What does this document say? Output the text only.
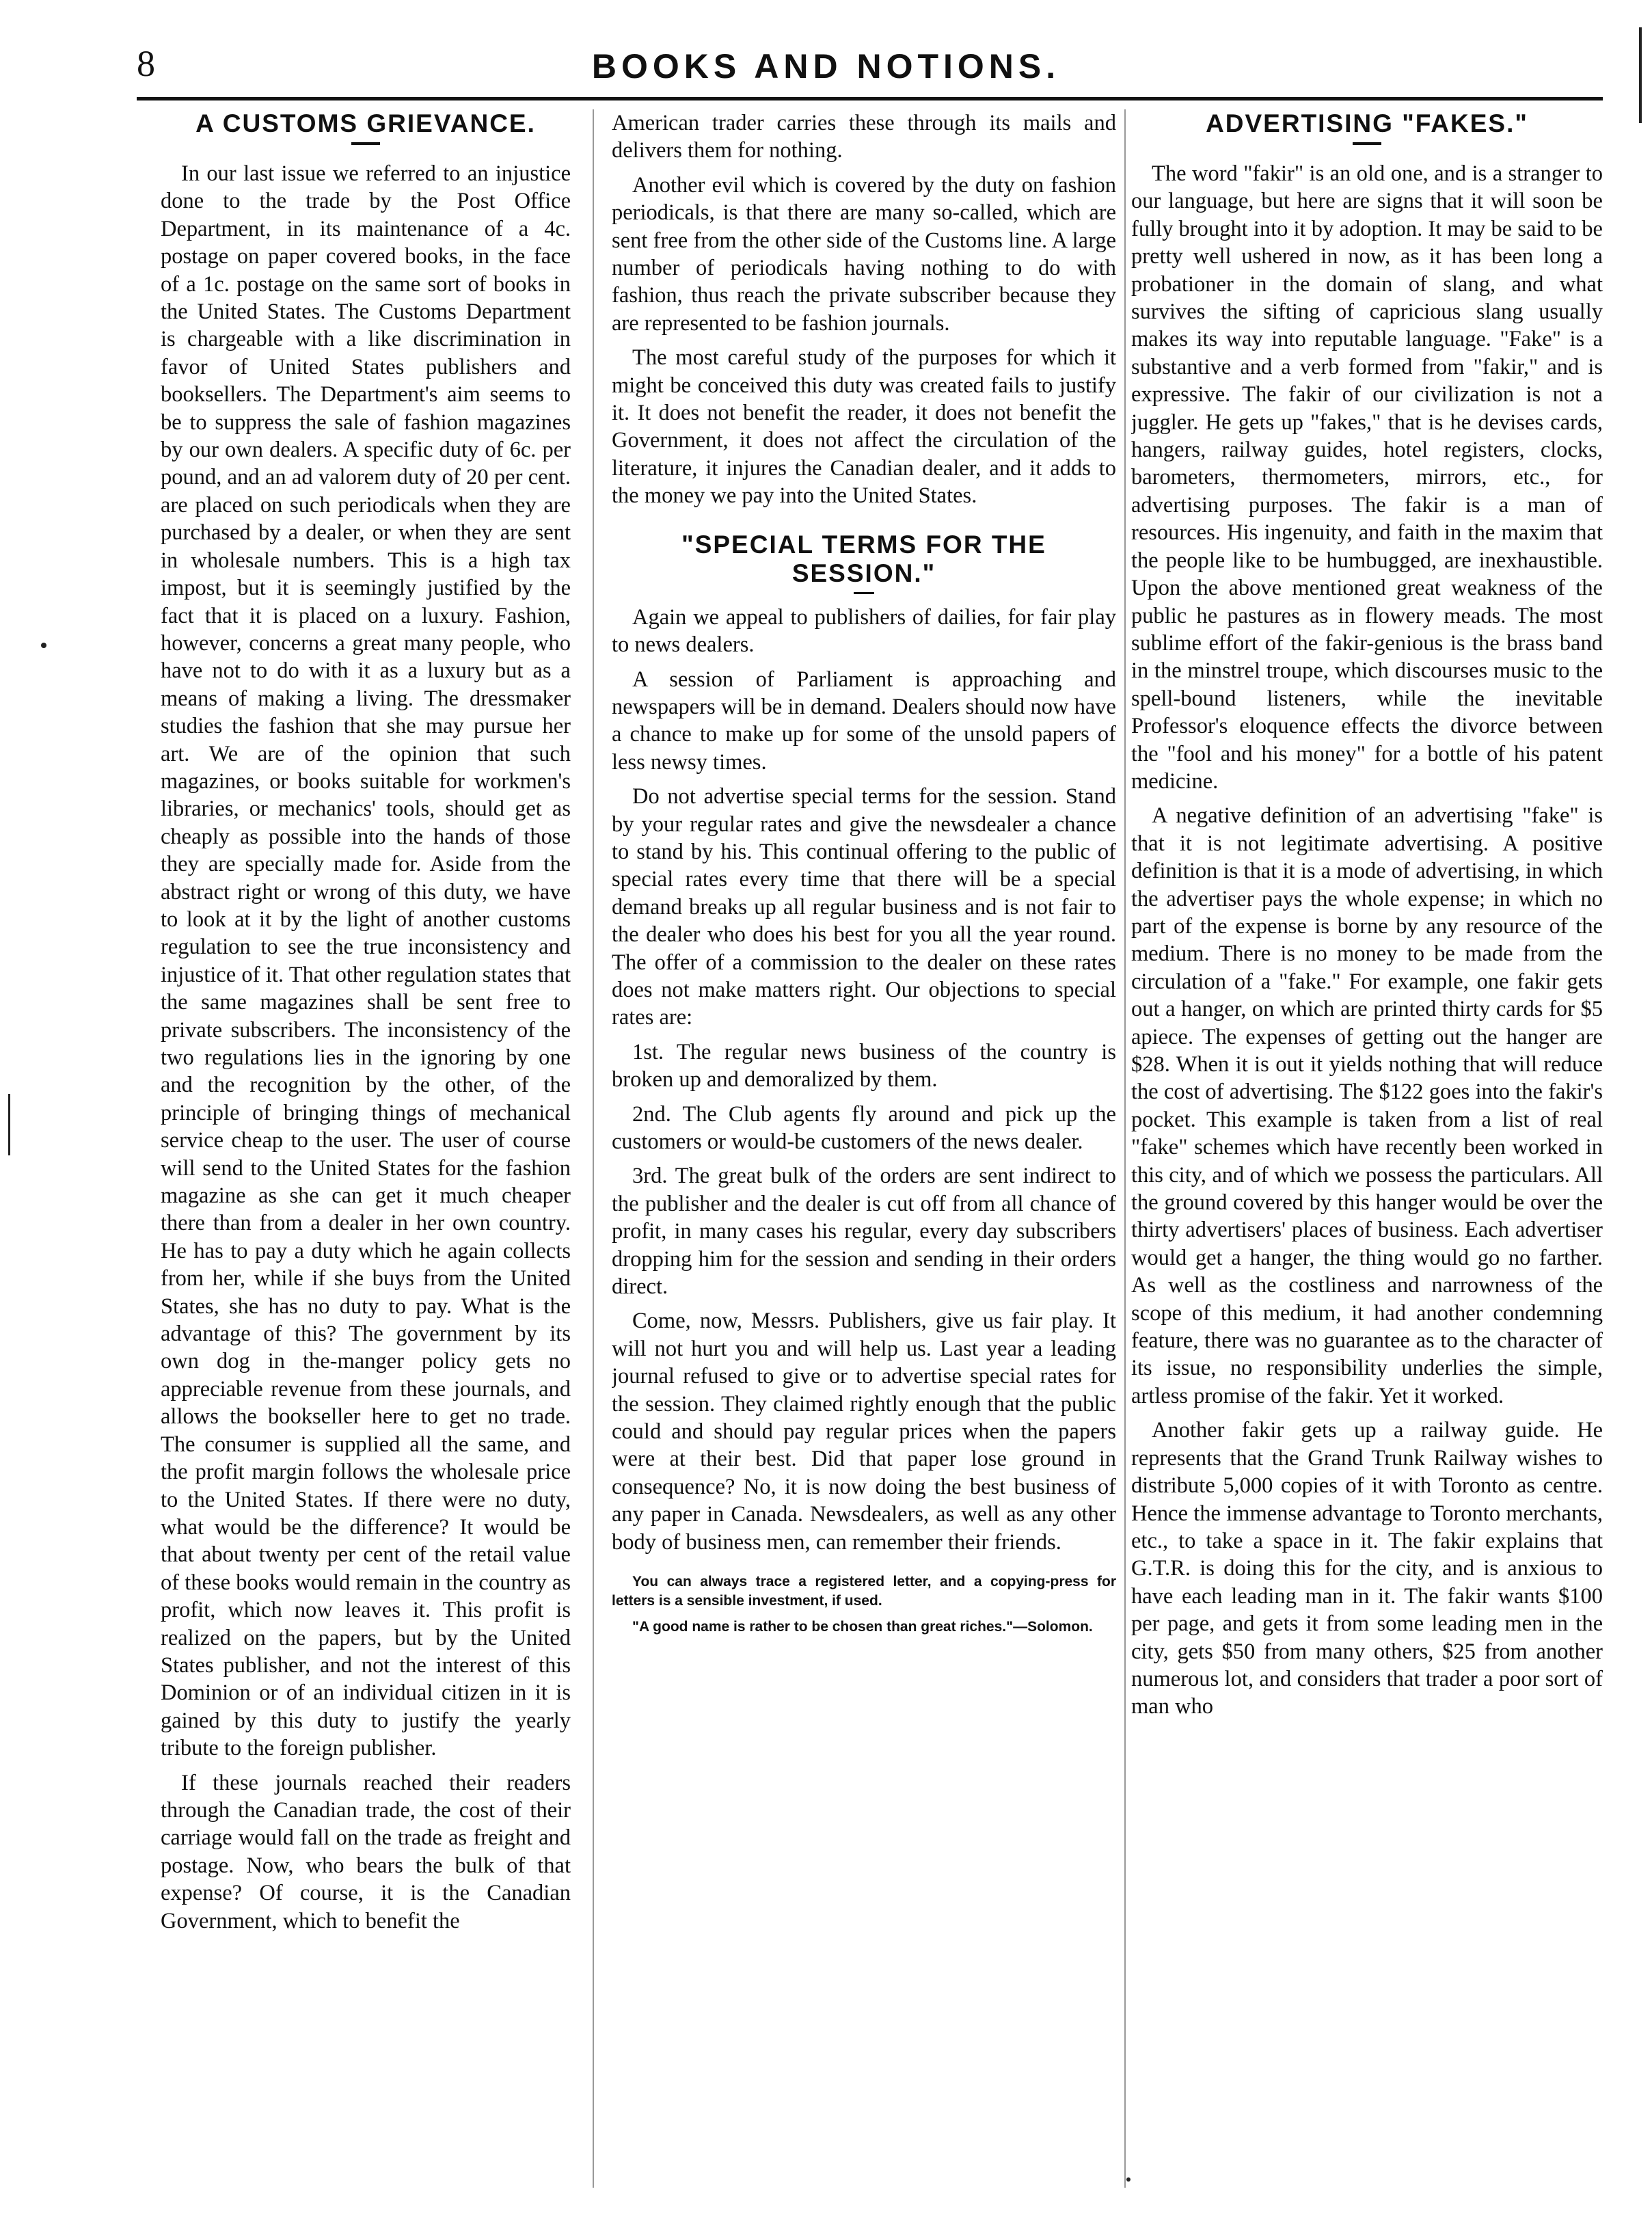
8	BOOKS AND NOTIONS.
A CUSTOMS GRIEVANCE.

In our last issue we referred to an injustice done to the trade by the Post Office Department, in its maintenance of a 4c. postage on paper covered books, in the face of a 1c. postage on the same sort of books in the United States. The Customs Department is chargeable with a like discrimination in favor of United States publishers and booksellers. The Department's aim seems to be to suppress the sale of fashion magazines by our own dealers. A specific duty of 6c. per pound, and an ad valorem duty of 20 per cent. are placed on such periodicals when they are purchased by a dealer, or when they are sent in wholesale numbers. This is a high tax impost, but it is seemingly justified by the fact that it is placed on a luxury. Fashion, however, concerns a great many people, who have not to do with it as a luxury but as a means of making a living. The dressmaker studies the fashion that she may pursue her art. We are of the opinion that such magazines, or books suitable for workmen's libraries, or mechanics' tools, should get as cheaply as possible into the hands of those they are specially made for. Aside from the abstract right or wrong of this duty, we have to look at it by the light of another customs regulation to see the true inconsistency and injustice of it. That other regulation states that the same magazines shall be sent free to private subscribers. The inconsistency of the two regulations lies in the ignoring by one and the recognition by the other, of the principle of bringing things of mechanical service cheap to the user. The user of course will send to the United States for the fashion magazine as she can get it much cheaper there than from a dealer in her own country. He has to pay a duty which he again collects from her, while if she buys from the United States, she has no duty to pay. What is the advantage of this? The government by its own dog in the-manger policy gets no appreciable revenue from these journals, and allows the bookseller here to get no trade. The consumer is supplied all the same, and the profit margin follows the wholesale price to the United States. If there were no duty, what would be the difference? It would be that about twenty per cent of the retail value of these books would remain in the country as profit, which now leaves it. This profit is realized on the papers, but by the United States publisher, and not the interest of this Dominion or of an individual citizen in it is gained by this duty to justify the yearly tribute to the foreign publisher.

If these journals reached their readers through the Canadian trade, the cost of their carriage would fall on the trade as freight and postage. Now, who bears the bulk of that expense? Of course, it is the Canadian Government, which to benefit the

American trader carries these through its mails and delivers them for nothing.

Another evil which is covered by the duty on fashion periodicals, is that there are many so-called, which are sent free from the other side of the Customs line. A large number of periodicals having nothing to do with fashion, thus reach the private subscriber because they are represented to be fashion journals.

The most careful study of the purposes for which it might be conceived this duty was created fails to justify it. It does not benefit the reader, it does not benefit the Government, it does not affect the circulation of the literature, it injures the Canadian dealer, and it adds to the money we pay into the United States.

"SPECIAL TERMS FOR THE SESSION."

Again we appeal to publishers of dailies, for fair play to news dealers.

A session of Parliament is approaching and newspapers will be in demand. Dealers should now have a chance to make up for some of the unsold papers of less newsy times.

Do not advertise special terms for the session. Stand by your regular rates and give the newsdealer a chance to stand by his. This continual offering to the public of special rates every time that there will be a special demand breaks up all regular business and is not fair to the dealer who does his best for you all the year round. The offer of a commission to the dealer on these rates does not make matters right. Our objections to special rates are:

1st. The regular news business of the country is broken up and demoralized by them.

2nd. The Club agents fly around and pick up the customers or would-be customers of the news dealer.

3rd. The great bulk of the orders are sent indirect to the publisher and the dealer is cut off from all chance of profit, in many cases his regular, every day subscribers dropping him for the session and sending in their orders direct.

Come, now, Messrs. Publishers, give us fair play. It will not hurt you and will help us. Last year a leading journal refused to give or to advertise special rates for the session. They claimed rightly enough that the public could and should pay regular prices when the papers were at their best. Did that paper lose ground in consequence? No, it is now doing the best business of any paper in Canada. Newsdealers, as well as any other body of business men, can remember their friends.

You can always trace a registered letter, and a copying-press for letters is a sensible investment, if used.
"A good name is rather to be chosen than great riches."—Solomon.
ADVERTISING "FAKES."

The word "fakir" is an old one, and is a stranger to our language, but here are signs that it will soon be fully brought into it by adoption. It may be said to be pretty well ushered in now, as it has been long a probationer in the domain of slang, and what survives the sifting of capricious slang usually makes its way into reputable language. "Fake" is a substantive and a verb formed from "fakir," and is expressive. The fakir of our civilization is not a juggler. He gets up "fakes," that is he devises cards, hangers, railway guides, hotel registers, clocks, barometers, thermometers, mirrors, etc., for advertising purposes. The fakir is a man of resources. His ingenuity, and faith in the maxim that the people like to be humbugged, are inexhaustible. Upon the above mentioned great weakness of the public he pastures as in flowery meads. The most sublime effort of the fakir-genious is the brass band in the minstrel troupe, which discourses music to the spell-bound listeners, while the inevitable Professor's eloquence effects the divorce between the "fool and his money" for a bottle of his patent medicine.

A negative definition of an advertising "fake" is that it is not legitimate advertising. A positive definition is that it is a mode of advertising, in which the advertiser pays the whole expense; in which no part of the expense is borne by any resource of the medium. There is no money to be made from the circulation of a "fake." For example, one fakir gets out a hanger, on which are printed thirty cards for $5 apiece. The expenses of getting out the hanger are $28. When it is out it yields nothing that will reduce the cost of advertising. The $122 goes into the fakir's pocket. This example is taken from a list of real "fake" schemes which have recently been worked in this city, and of which we possess the particulars. All the ground covered by this hanger would be over the thirty advertisers' places of business. Each advertiser would get a hanger, the thing would go no farther. As well as the costliness and narrowness of the scope of this medium, it had another condemning feature, there was no guarantee as to the character of its issue, no responsibility underlies the simple, artless promise of the fakir. Yet it worked.

Another fakir gets up a railway guide. He represents that the Grand Trunk Railway wishes to distribute 5,000 copies of it with Toronto as centre. Hence the immense advantage to Toronto merchants, etc., to take a space in it. The fakir explains that G.T.R. is doing this for the city, and is anxious to have each leading man in it. The fakir wants $100 per page, and gets it from some leading men in the city, gets $50 from many others, $25 from another numerous lot, and considers that trader a poor sort of man who
